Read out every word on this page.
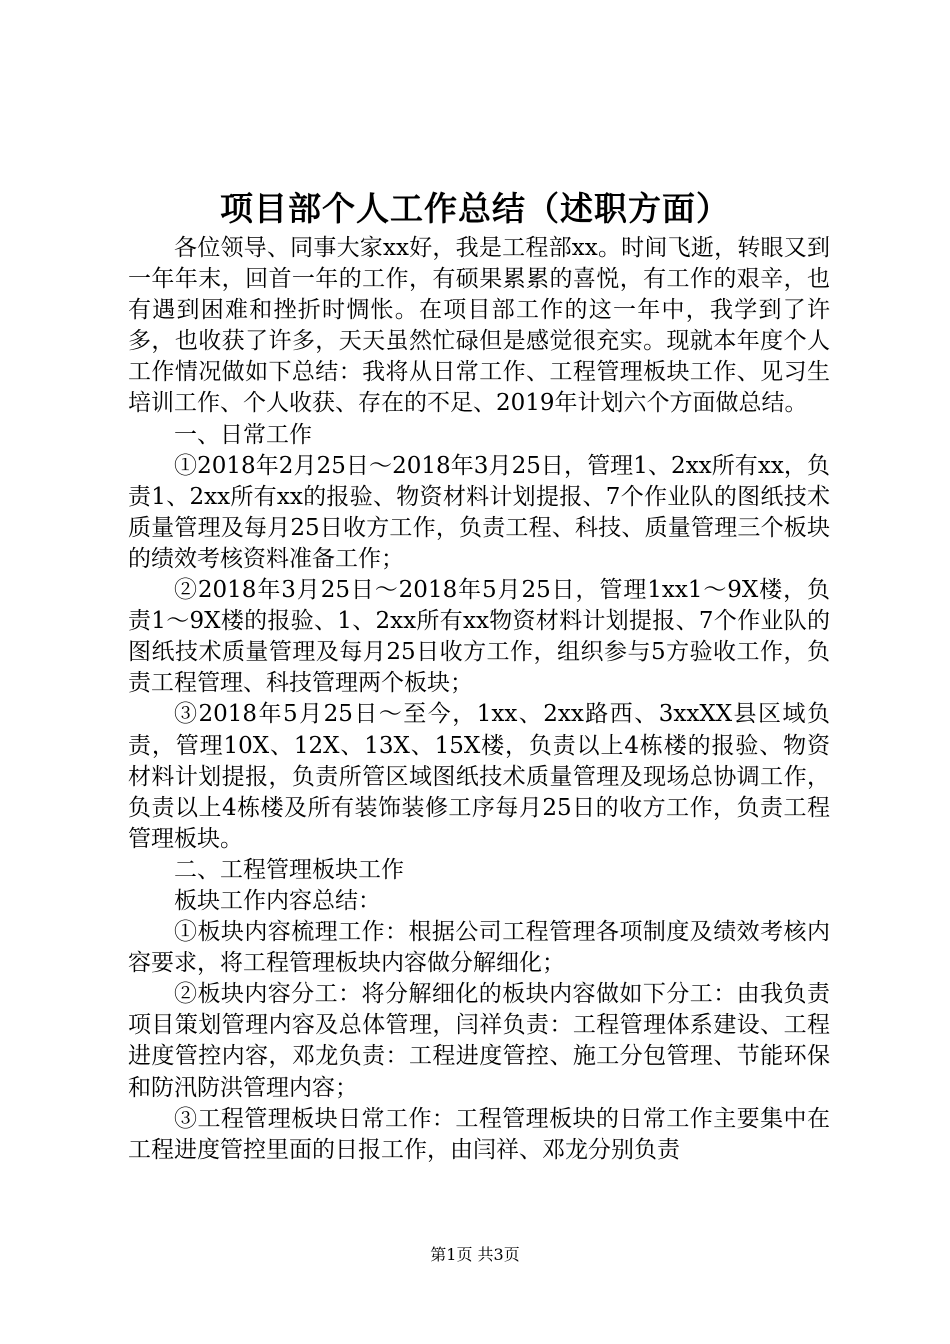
项目部个人工作总结（述职方面）

各位领导、同事大家xx好，我是工程部xx。时间飞逝，转眼又到一年年末，回首一年的工作，有硕果累累的喜悦，有工作的艰辛，也有遇到困难和挫折时惆怅。在项目部工作的这一年中，我学到了许多，也收获了许多，天天虽然忙碌但是感觉很充实。现就本年度个人工作情况做如下总结：我将从日常工作、工程管理板块工作、见习生培训工作、个人收获、存在的不足、2019年计划六个方面做总结。

一、日常工作

①2018年2月25日～2018年3月25日，管理1、2xx所有xx，负责1、2xx所有xx的报验、物资材料计划提报、7个作业队的图纸技术质量管理及每月25日收方工作，负责工程、科技、质量管理三个板块的绩效考核资料准备工作；

②2018年3月25日～2018年5月25日，管理1xx1～9X楼，负责1～9X楼的报验、1、2xx所有xx物资材料计划提报、7个作业队的图纸技术质量管理及每月25日收方工作，组织参与5方验收工作，负责工程管理、科技管理两个板块；

③2018年5月25日～至今，1xx、2xx路西、3xxXX县区域负责，管理10X、12X、13X、15X楼，负责以上4栋楼的报验、物资材料计划提报，负责所管区域图纸技术质量管理及现场总协调工作，负责以上4栋楼及所有装饰装修工序每月25日的收方工作，负责工程管理板块。

二、工程管理板块工作

板块工作内容总结：

①板块内容梳理工作：根据公司工程管理各项制度及绩效考核内容要求，将工程管理板块内容做分解细化；

②板块内容分工：将分解细化的板块内容做如下分工：由我负责项目策划管理内容及总体管理，闫祥负责：工程管理体系建设、工程进度管控内容，邓龙负责：工程进度管控、施工分包管理、节能环保和防汛防洪管理内容；

③工程管理板块日常工作：工程管理板块的日常工作主要集中在工程进度管控里面的日报工作，由闫祥、邓龙分别负责

第1页 共3页
